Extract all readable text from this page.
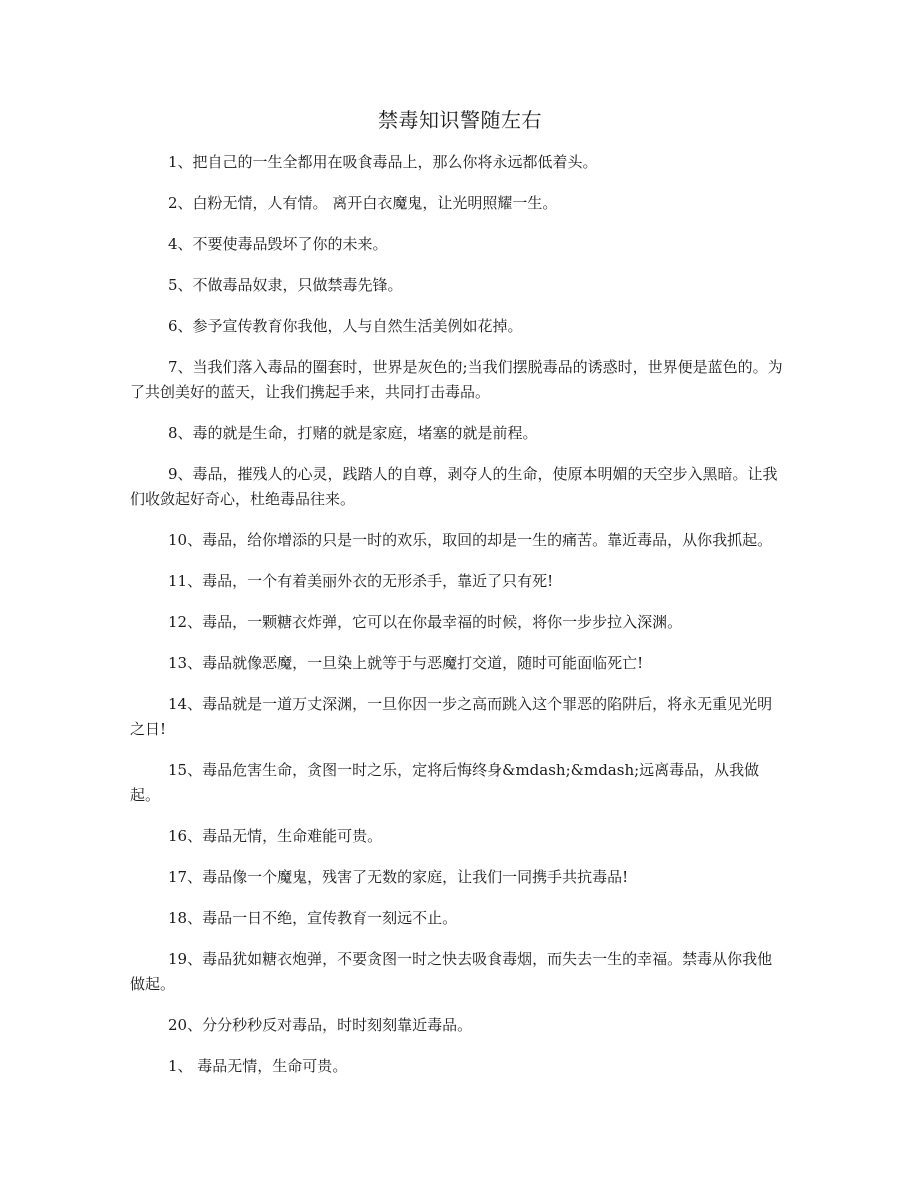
禁毒知识警随左右

1、把自己的一生全都用在吸食毒品上，那么你将永远都低着头。

2、白粉无情，人有情。 离开白衣魔鬼，让光明照耀一生。

4、不要使毒品毁坏了你的未来。

5、不做毒品奴隶，只做禁毒先锋。

6、参予宣传教育你我他，人与自然生活美例如花掉。

7、当我们落入毒品的圈套时，世界是灰色的;当我们摆脱毒品的诱惑时，世界便是蓝色的。为了共创美好的蓝天，让我们携起手来，共同打击毒品。

8、毒的就是生命，打赌的就是家庭，堵塞的就是前程。

9、毒品，摧残人的心灵，践踏人的自尊，剥夺人的生命，使原本明媚的天空步入黑暗。让我们收敛起好奇心，杜绝毒品往来。

10、毒品，给你增添的只是一时的欢乐，取回的却是一生的痛苦。靠近毒品，从你我抓起。

11、毒品，一个有着美丽外衣的无形杀手，靠近了只有死!

12、毒品，一颗糖衣炸弹，它可以在你最幸福的时候，将你一步步拉入深渊。

13、毒品就像恶魔，一旦染上就等于与恶魔打交道，随时可能面临死亡!

14、毒品就是一道万丈深渊，一旦你因一步之高而跳入这个罪恶的陷阱后，将永无重见光明之日!

15、毒品危害生命，贪图一时之乐，定将后悔终身&mdash;&mdash;远离毒品，从我做起。

16、毒品无情，生命难能可贵。

17、毒品像一个魔鬼，残害了无数的家庭，让我们一同携手共抗毒品!

18、毒品一日不绝，宣传教育一刻远不止。

19、毒品犹如糖衣炮弹，不要贪图一时之快去吸食毒烟，而失去一生的幸福。禁毒从你我他做起。

20、分分秒秒反对毒品，时时刻刻靠近毒品。

1、 毒品无情，生命可贵。
